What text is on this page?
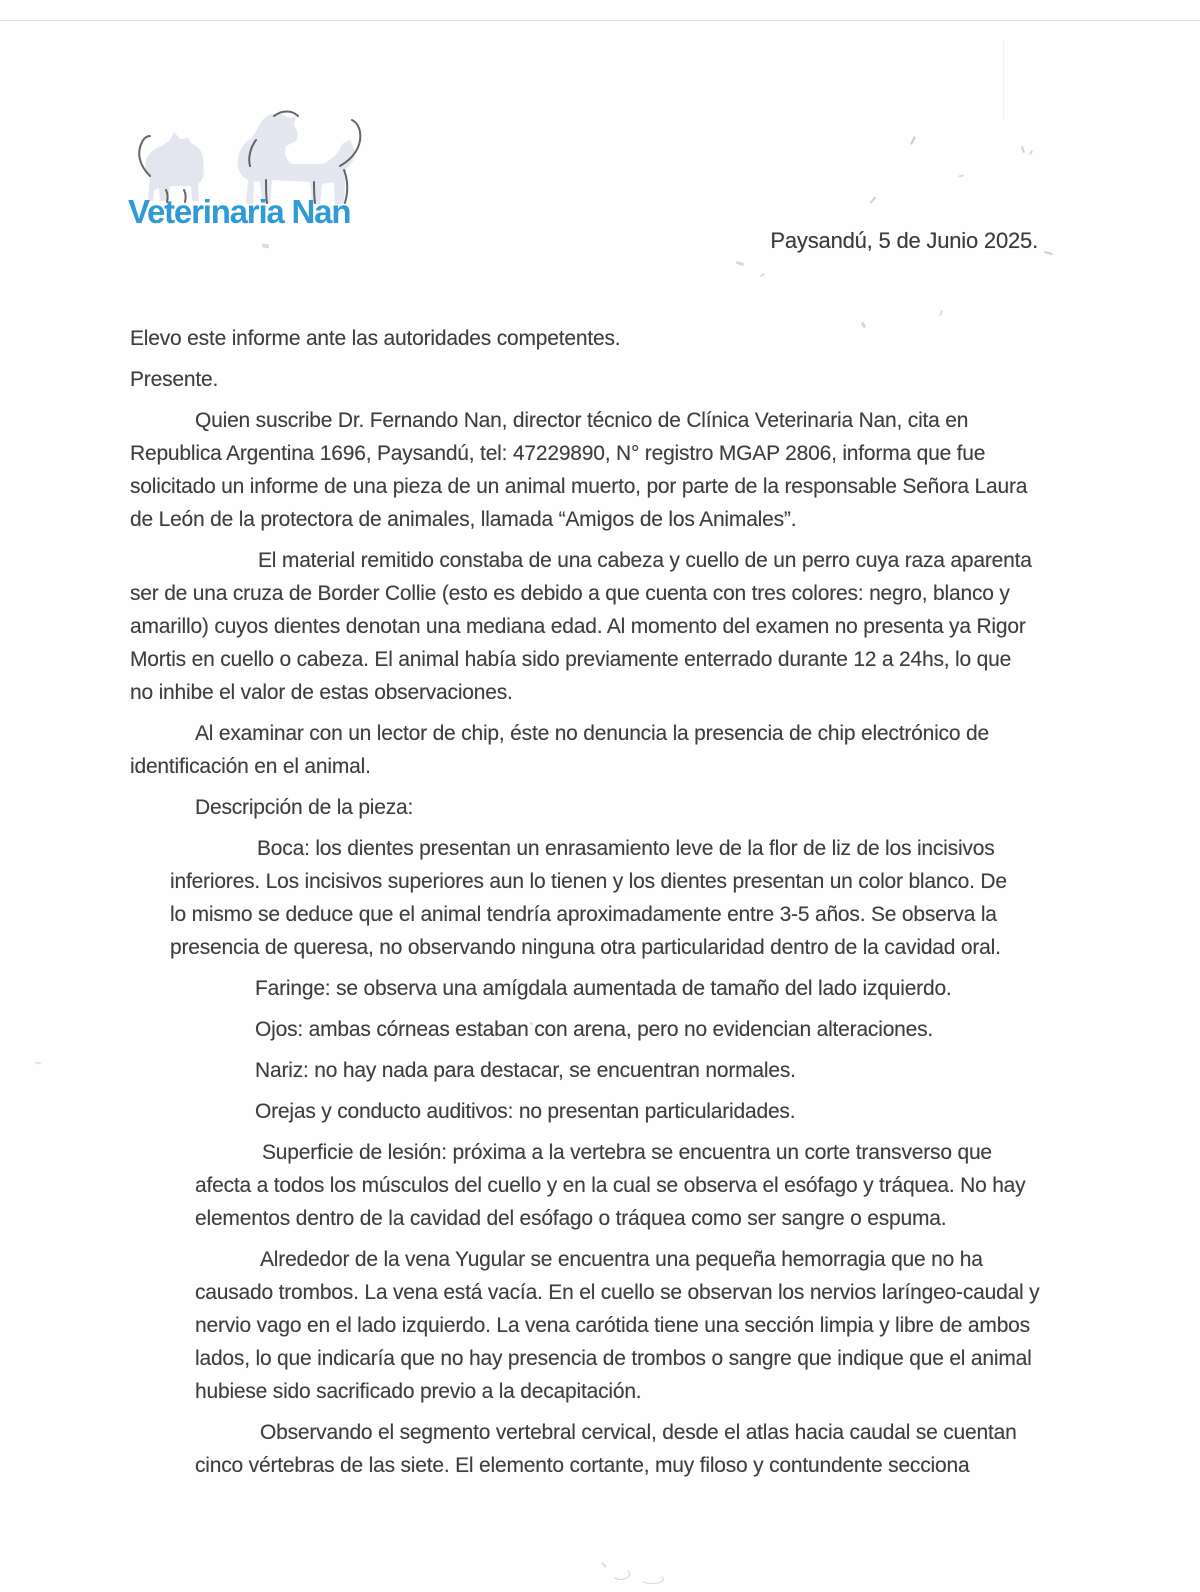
Veterinaria Nan
Paysandú, 5 de Junio 2025.
Elevo este informe ante las autoridades competentes.
Presente.
Quien suscribe Dr. Fernando Nan, director técnico de Clínica Veterinaria Nan, cita en
Republica Argentina 1696, Paysandú, tel: 47229890, N° registro MGAP 2806, informa que fue
solicitado un informe de una pieza de un animal muerto, por parte de la responsable Señora Laura
de León de la protectora de animales, llamada “Amigos de los Animales”.
El material remitido constaba de una cabeza y cuello de un perro cuya raza aparenta
ser de una cruza de Border Collie (esto es debido a que cuenta con tres colores: negro, blanco y
amarillo) cuyos dientes denotan una mediana edad. Al momento del examen no presenta ya Rigor
Mortis en cuello o cabeza. El animal había sido previamente enterrado durante 12 a 24hs, lo que
no inhibe el valor de estas observaciones.
Al examinar con un lector de chip, éste no denuncia la presencia de chip electrónico de
identificación en el animal.
Descripción de la pieza:
Boca: los dientes presentan un enrasamiento leve de la flor de liz de los incisivos
inferiores. Los incisivos superiores aun lo tienen y los dientes presentan un color blanco. De
lo mismo se deduce que el animal tendría aproximadamente entre 3-5 años. Se observa la
presencia de queresa, no observando ninguna otra particularidad dentro de la cavidad oral.
Faringe: se observa una amígdala aumentada de tamaño del lado izquierdo.
Ojos: ambas córneas estaban con arena, pero no evidencian alteraciones.
Nariz: no hay nada para destacar, se encuentran normales.
Orejas y conducto auditivos: no presentan particularidades.
Superficie de lesión: próxima a la vertebra se encuentra un corte transverso que
afecta a todos los músculos del cuello y en la cual se observa el esófago y tráquea. No hay
elementos dentro de la cavidad del esófago o tráquea como ser sangre o espuma.
Alrededor de la vena Yugular se encuentra una pequeña hemorragia que no ha
causado trombos. La vena está vacía. En el cuello se observan los nervios laríngeo-caudal y
nervio vago en el lado izquierdo. La vena carótida tiene una sección limpia y libre de ambos
lados, lo que indicaría que no hay presencia de trombos o sangre que indique que el animal
hubiese sido sacrificado previo a la decapitación.
Observando el segmento vertebral cervical, desde el atlas hacia caudal se cuentan
cinco vértebras de las siete. El elemento cortante, muy filoso y contundente secciona
